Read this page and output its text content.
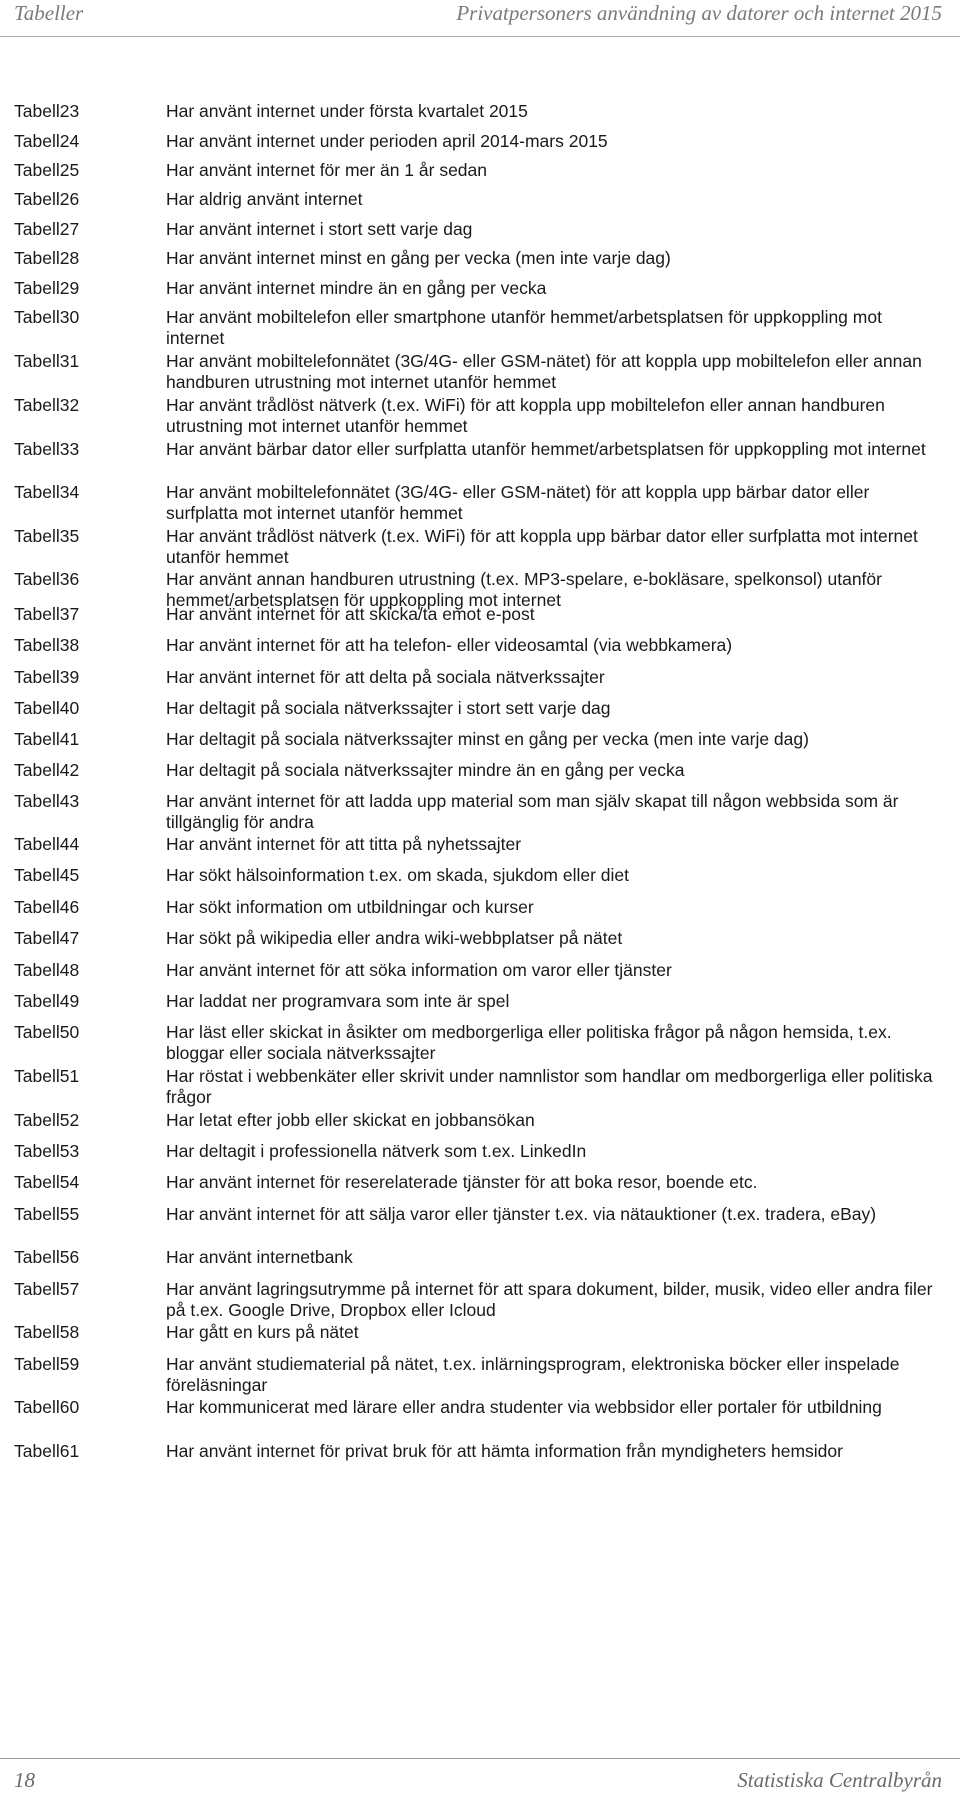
Tabeller	Privatpersoners användning av datorer och internet 2015
Tabell23	Har använt internet under första kvartalet 2015
Tabell24	Har använt internet under perioden april 2014-mars 2015
Tabell25	Har använt internet för mer än 1 år sedan
Tabell26	Har aldrig använt internet
Tabell27	Har använt internet i stort sett varje dag
Tabell28	Har använt internet minst en gång per vecka (men inte varje dag)
Tabell29	Har använt internet mindre än en gång per vecka
Tabell30	Har använt mobiltelefon eller smartphone utanför hemmet/arbetsplatsen för uppkoppling mot internet
Tabell31	Har använt mobiltelefonnätet (3G/4G- eller GSM-nätet) för att koppla upp mobiltelefon eller annan handburen utrustning mot internet utanför hemmet
Tabell32	Har använt trådlöst nätverk (t.ex. WiFi) för att koppla upp mobiltelefon eller annan handburen utrustning mot internet utanför hemmet
Tabell33	Har använt bärbar dator eller surfplatta utanför hemmet/arbetsplatsen för uppkoppling mot internet
Tabell34	Har använt mobiltelefonnätet (3G/4G- eller GSM-nätet) för att koppla upp bärbar dator eller surfplatta mot internet utanför hemmet
Tabell35	Har använt trådlöst nätverk (t.ex. WiFi) för att koppla upp bärbar dator eller surfplatta mot internet utanför hemmet
Tabell36	Har använt annan handburen utrustning (t.ex. MP3-spelare, e-bokläsare, spelkonsol) utanför hemmet/arbetsplatsen för uppkoppling mot internet
Tabell37	Har använt internet för att skicka/ta emot e-post
Tabell38	Har använt internet för att ha telefon- eller videosamtal (via webbkamera)
Tabell39	Har använt internet för att delta på sociala nätverkssajter
Tabell40	Har deltagit på sociala nätverkssajter i stort sett varje dag
Tabell41	Har deltagit på sociala nätverkssajter minst en gång per vecka (men inte varje dag)
Tabell42	Har deltagit på sociala nätverkssajter mindre än en gång per vecka
Tabell43	Har använt internet för att ladda upp material som man själv skapat till någon webbsida som är tillgänglig för andra
Tabell44	Har använt internet för att titta på nyhetssajter
Tabell45	Har sökt hälsoinformation t.ex. om skada, sjukdom eller diet
Tabell46	Har sökt information om utbildningar och kurser
Tabell47	Har sökt på wikipedia eller andra wiki-webbplatser på nätet
Tabell48	Har använt internet för att söka information om varor eller tjänster
Tabell49	Har laddat ner programvara som inte är spel
Tabell50	Har läst eller skickat in åsikter om medborgerliga eller politiska frågor på någon hemsida, t.ex. bloggar eller sociala nätverkssajter
Tabell51	Har röstat i webbenkäter eller skrivit under namnlistor som handlar om medborgerliga eller politiska frågor
Tabell52	Har letat efter jobb eller skickat en jobbansökan
Tabell53	Har deltagit i professionella nätverk som t.ex. LinkedIn
Tabell54	Har använt internet för reserelaterade tjänster för att boka resor, boende etc.
Tabell55	Har använt internet för att sälja varor eller tjänster t.ex. via nätauktioner (t.ex. tradera, eBay)
Tabell56	Har använt internetbank
Tabell57	Har använt lagringsutrymme på internet för att spara dokument, bilder, musik, video eller andra filer på t.ex. Google Drive, Dropbox eller Icloud
Tabell58	Har gått en kurs på nätet
Tabell59	Har använt studiematerial på nätet, t.ex. inlärningsprogram, elektroniska böcker eller inspelade föreläsningar
Tabell60	Har kommunicerat med lärare eller andra studenter via webbsidor eller portaler för utbildning
Tabell61	Har använt internet för privat bruk för att hämta information från myndigheters hemsidor
18	Statistiska Centralbyrån
